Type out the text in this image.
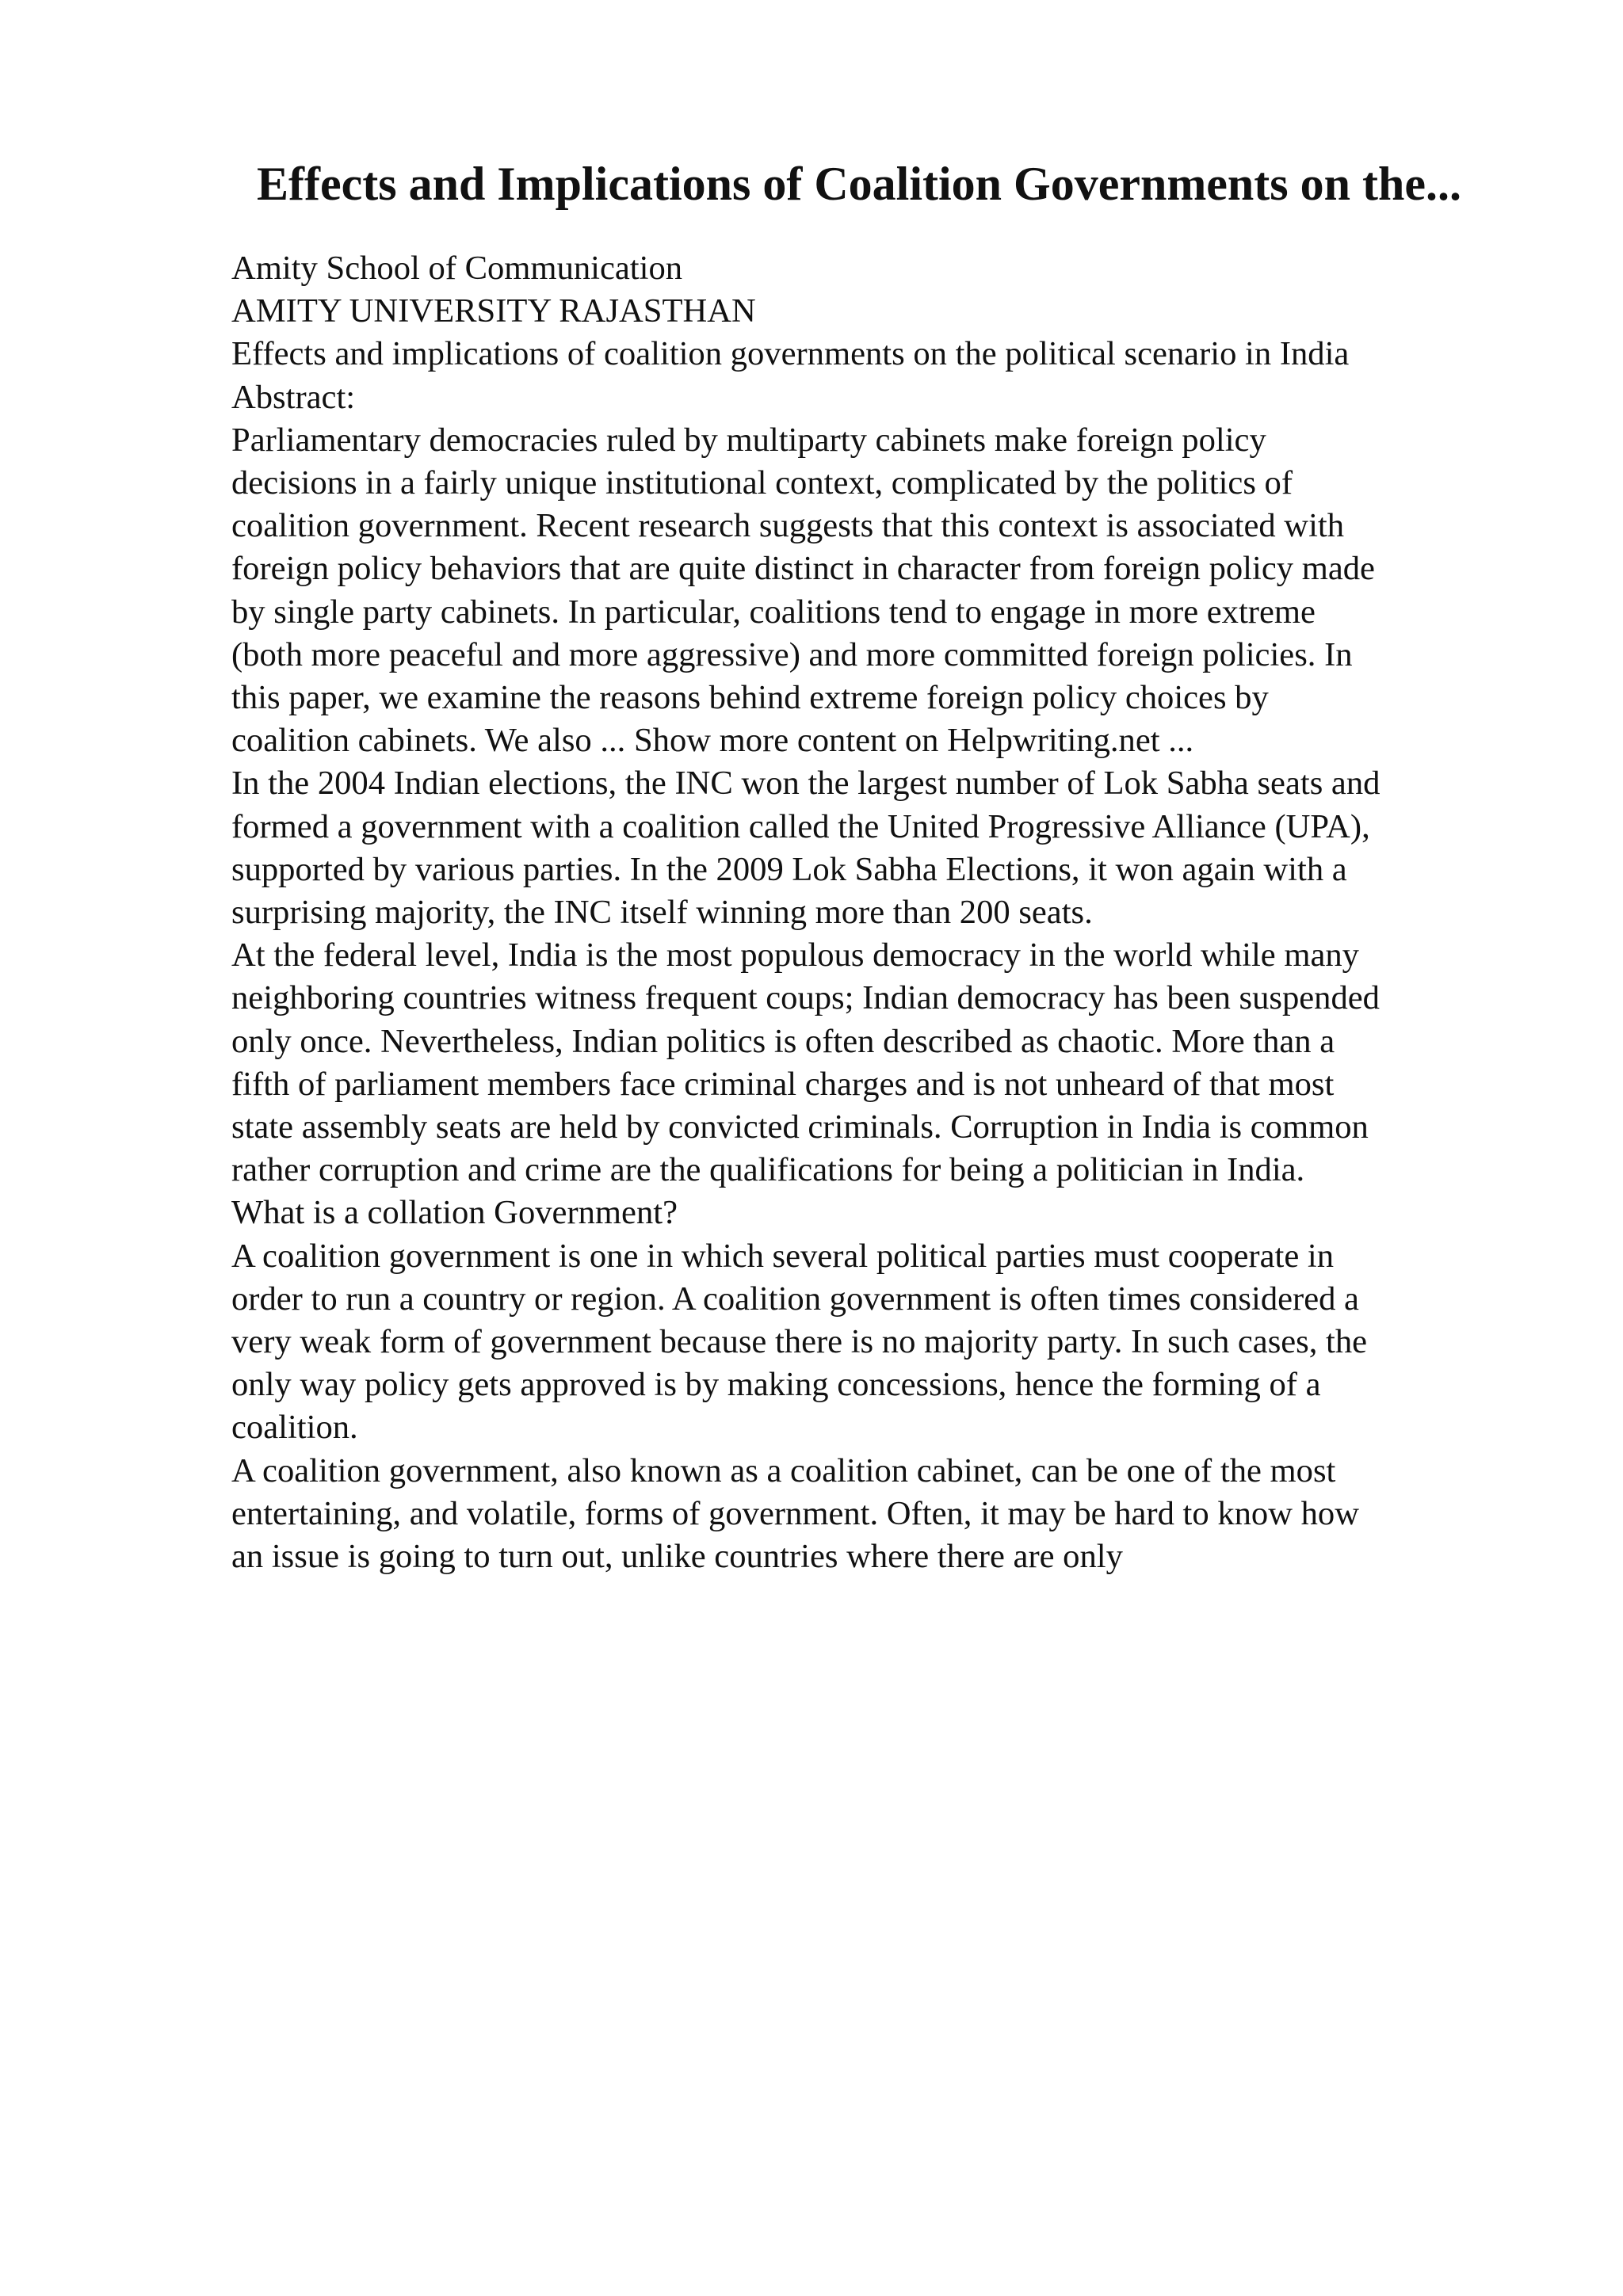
Effects and Implications of Coalition Governments on the...
Amity School of Communication
AMITY UNIVERSITY RAJASTHAN
Effects and implications of coalition governments on the political scenario in India
Abstract:
Parliamentary democracies ruled by multiparty cabinets make foreign policy
decisions in a fairly unique institutional context, complicated by the politics of
coalition government. Recent research suggests that this context is associated with
foreign policy behaviors that are quite distinct in character from foreign policy made
by single party cabinets. In particular, coalitions tend to engage in more extreme
(both more peaceful and more aggressive) and more committed foreign policies. In
this paper, we examine the reasons behind extreme foreign policy choices by
coalition cabinets. We also ... Show more content on Helpwriting.net ...
In the 2004 Indian elections, the INC won the largest number of Lok Sabha seats and
formed a government with a coalition called the United Progressive Alliance (UPA),
supported by various parties. In the 2009 Lok Sabha Elections, it won again with a
surprising majority, the INC itself winning more than 200 seats.
At the federal level, India is the most populous democracy in the world while many
neighboring countries witness frequent coups; Indian democracy has been suspended
only once. Nevertheless, Indian politics is often described as chaotic. More than a
fifth of parliament members face criminal charges and is not unheard of that most
state assembly seats are held by convicted criminals. Corruption in India is common
rather corruption and crime are the qualifications for being a politician in India.
What is a collation Government?
A coalition government is one in which several political parties must cooperate in
order to run a country or region. A coalition government is often times considered a
very weak form of government because there is no majority party. In such cases, the
only way policy gets approved is by making concessions, hence the forming of a
coalition.
A coalition government, also known as a coalition cabinet, can be one of the most
entertaining, and volatile, forms of government. Often, it may be hard to know how
an issue is going to turn out, unlike countries where there are only
